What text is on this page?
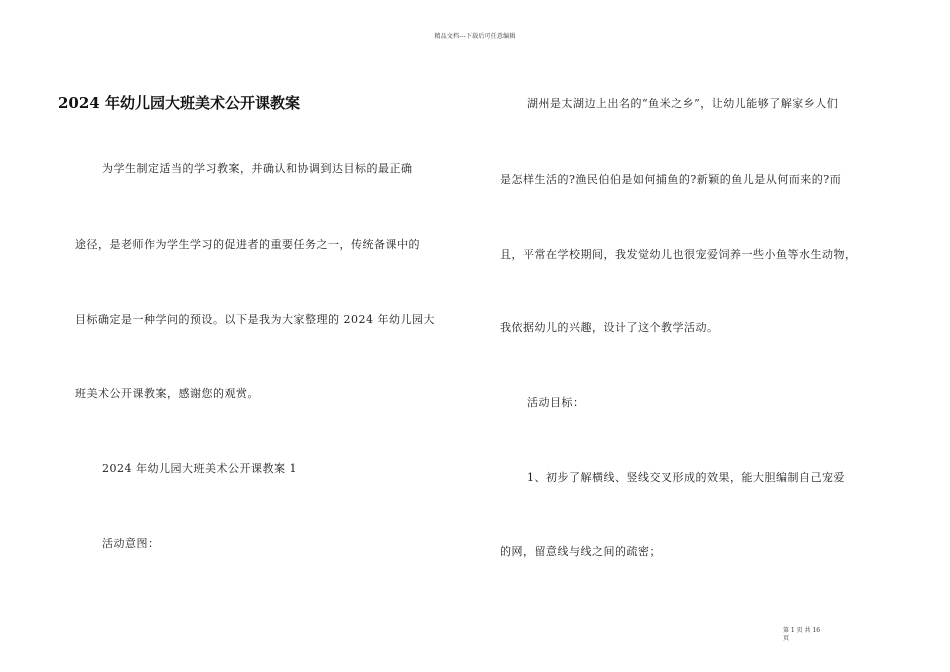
精品文档---下载后可任意编辑
2024 年幼儿园大班美术公开课教案
为学生制定适当的学习教案，并确认和协调到达目标的最正确
途径，是老师作为学生学习的促进者的重要任务之一，传统备课中的
目标确定是一种学问的预设。以下是我为大家整理的 2024 年幼儿园大
班美术公开课教案，感谢您的观赏。
2024 年幼儿园大班美术公开课教案 1
活动意图：
湖州是太湖边上出名的“鱼米之乡”，让幼儿能够了解家乡人们
是怎样生活的?渔民伯伯是如何捕鱼的?新颖的鱼儿是从何而来的?而
且，平常在学校期间，我发觉幼儿也很宠爱饲养一些小鱼等水生动物，
我依据幼儿的兴趣，设计了这个教学活动。
活动目标：
1、初步了解横线、竖线交叉形成的效果，能大胆编制自己宠爱
的网，留意线与线之间的疏密；
第 1 页 共 16
页
